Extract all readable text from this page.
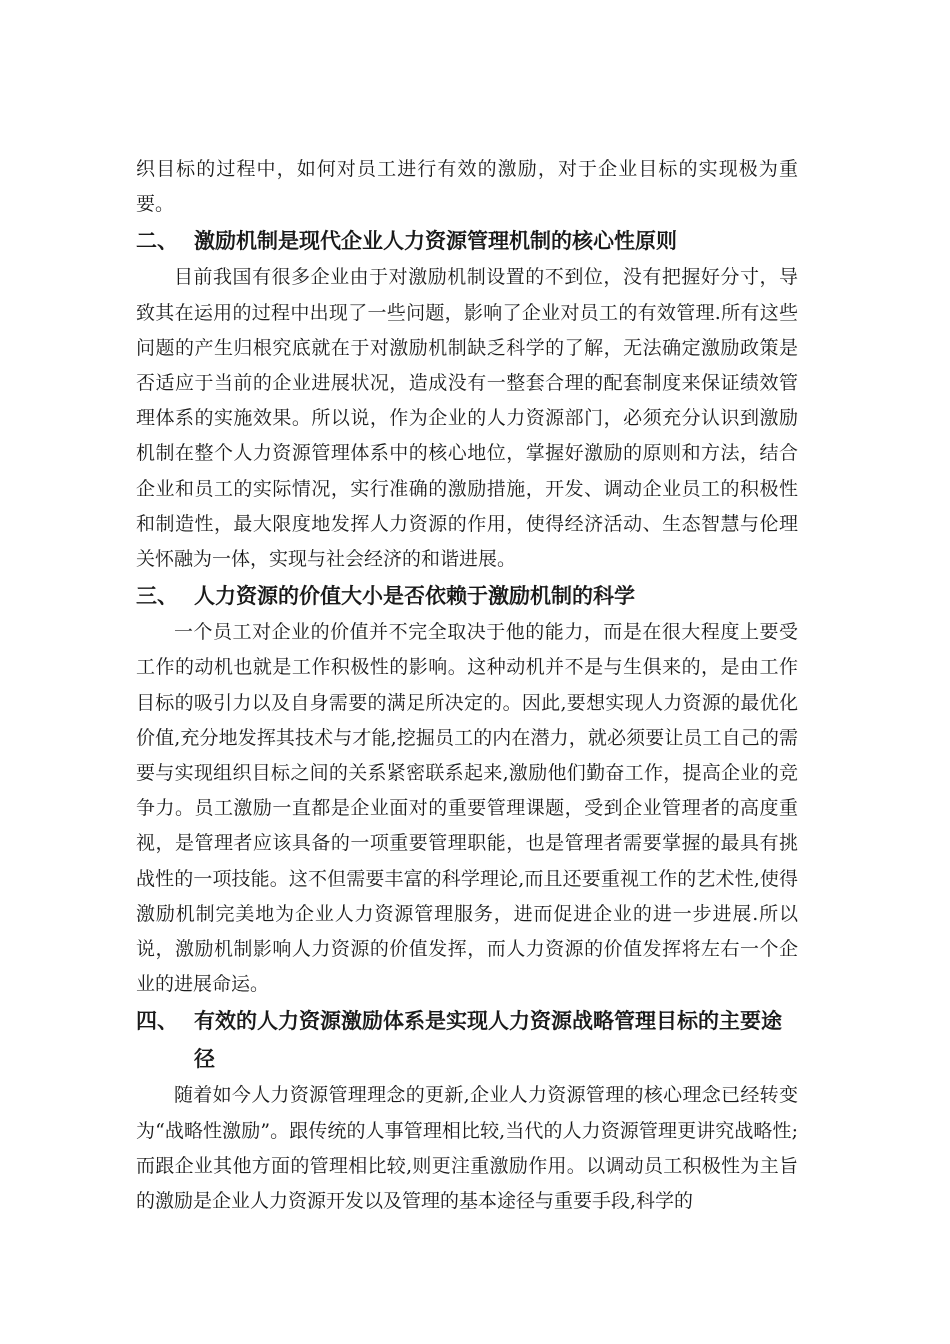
织目标的过程中，如何对员工进行有效的激励，对于企业目标的实现极为重要。

二、 激励机制是现代企业人力资源管理机制的核心性原则

目前我国有很多企业由于对激励机制设置的不到位，没有把握好分寸，导致其在运用的过程中出现了一些问题，影响了企业对员工的有效管理.所有这些问题的产生归根究底就在于对激励机制缺乏科学的了解，无法确定激励政策是否适应于当前的企业进展状况，造成没有一整套合理的配套制度来保证绩效管理体系的实施效果。所以说，作为企业的人力资源部门，必须充分认识到激励机制在整个人力资源管理体系中的核心地位，掌握好激励的原则和方法，结合企业和员工的实际情况，实行准确的激励措施，开发、调动企业员工的积极性和制造性，最大限度地发挥人力资源的作用，使得经济活动、生态智慧与伦理关怀融为一体，实现与社会经济的和谐进展。

三、 人力资源的价值大小是否依赖于激励机制的科学

一个员工对企业的价值并不完全取决于他的能力，而是在很大程度上要受工作的动机也就是工作积极性的影响。这种动机并不是与生俱来的，是由工作目标的吸引力以及自身需要的满足所决定的。因此,要想实现人力资源的最优化价值,充分地发挥其技术与才能,挖掘员工的内在潜力，就必须要让员工自己的需要与实现组织目标之间的关系紧密联系起来,激励他们勤奋工作，提高企业的竞争力。员工激励一直都是企业面对的重要管理课题，受到企业管理者的高度重视，是管理者应该具备的一项重要管理职能，也是管理者需要掌握的最具有挑战性的一项技能。这不但需要丰富的科学理论,而且还要重视工作的艺术性,使得激励机制完美地为企业人力资源管理服务，进而促进企业的进一步进展.所以说，激励机制影响人力资源的价值发挥，而人力资源的价值发挥将左右一个企业的进展命运。

四、 有效的人力资源激励体系是实现人力资源战略管理目标的主要途径

随着如今人力资源管理理念的更新,企业人力资源管理的核心理念已经转变为“战略性激励”。跟传统的人事管理相比较,当代的人力资源管理更讲究战略性;而跟企业其他方面的管理相比较,则更注重激励作用。以调动员工积极性为主旨的激励是企业人力资源开发以及管理的基本途径与重要手段,科学的
